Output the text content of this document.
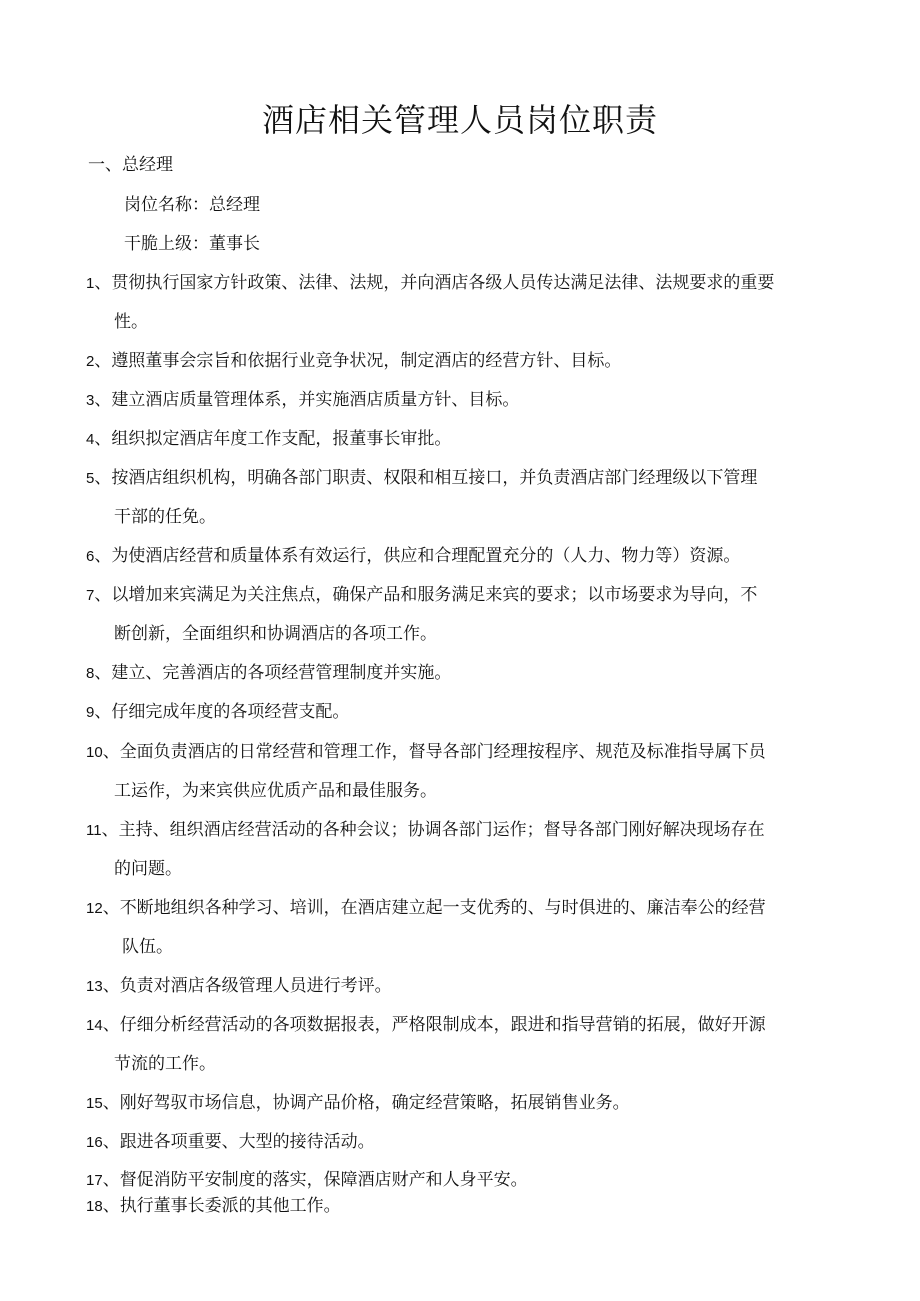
酒店相关管理人员岗位职责
一、总经理
岗位名称：总经理
干脆上级：董事长
1、贯彻执行国家方针政策、法律、法规，并向酒店各级人员传达满足法律、法规要求的重要
性。
2、遵照董事会宗旨和依据行业竞争状况，制定酒店的经营方针、目标。
3、建立酒店质量管理体系，并实施酒店质量方针、目标。
4、组织拟定酒店年度工作支配，报董事长审批。
5、按酒店组织机构，明确各部门职责、权限和相互接口，并负责酒店部门经理级以下管理
干部的任免。
6、为使酒店经营和质量体系有效运行，供应和合理配置充分的（人力、物力等）资源。
7、以增加来宾满足为关注焦点，确保产品和服务满足来宾的要求；以市场要求为导向，不
断创新，全面组织和协调酒店的各项工作。
8、建立、完善酒店的各项经营管理制度并实施。
9、仔细完成年度的各项经营支配。
10、全面负责酒店的日常经营和管理工作，督导各部门经理按程序、规范及标准指导属下员
工运作，为来宾供应优质产品和最佳服务。
11、主持、组织酒店经营活动的各种会议；协调各部门运作；督导各部门刚好解决现场存在
的问题。
12、不断地组织各种学习、培训，在酒店建立起一支优秀的、与时俱进的、廉洁奉公的经营
队伍。
13、负责对酒店各级管理人员进行考评。
14、仔细分析经营活动的各项数据报表，严格限制成本，跟进和指导营销的拓展，做好开源
节流的工作。
15、刚好驾驭市场信息，协调产品价格，确定经营策略，拓展销售业务。
16、跟进各项重要、大型的接待活动。
17、督促消防平安制度的落实，保障酒店财产和人身平安。
18、执行董事长委派的其他工作。
